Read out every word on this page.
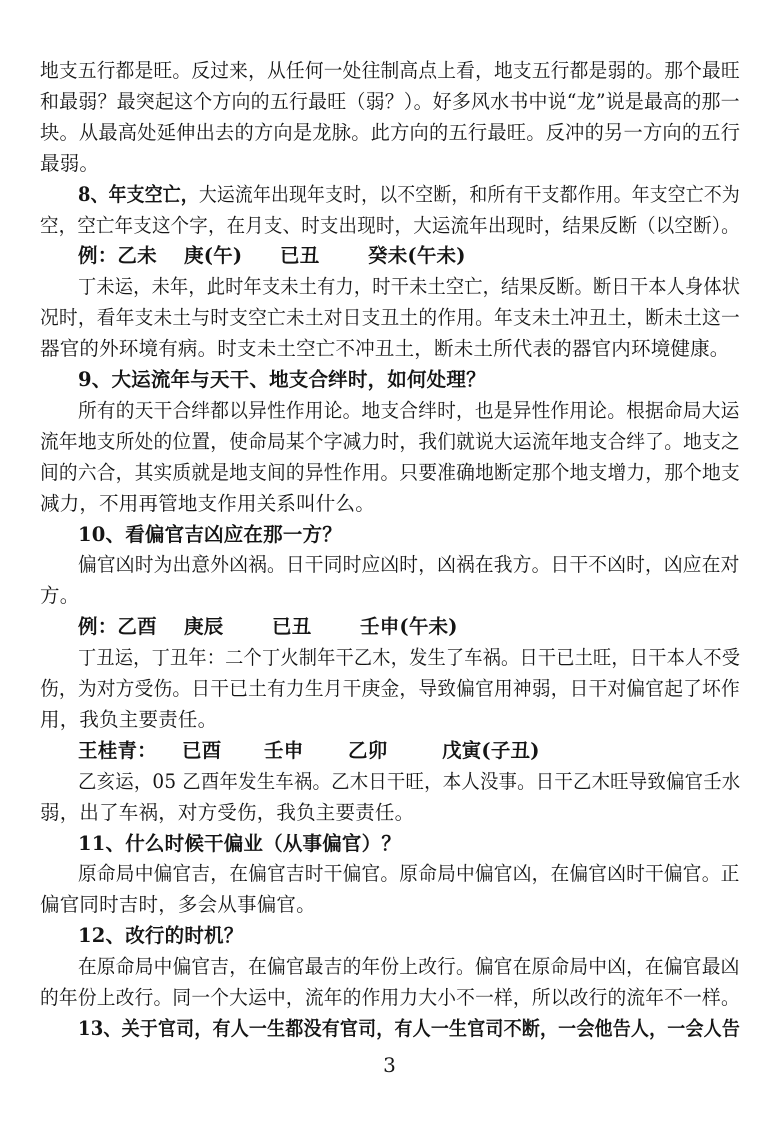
地支五行都是旺。反过来，从任何一处往制高点上看，地支五行都是弱的。那个最旺
和最弱？最突起这个方向的五行最旺（弱？）。好多风水书中说“龙”说是最高的那一
块。从最高处延伸出去的方向是龙脉。此方向的五行最旺。反冲的另一方向的五行
最弱。
8、年支空亡，大运流年出现年支时，以不空断，和所有干支都作用。年支空亡不为
空，空亡年支这个字，在月支、时支出现时，大运流年出现时，结果反断（以空断）。
例：乙未 庚(午) 已丑 癸未(午未)
丁未运，未年，此时年支未土有力，时干未土空亡，结果反断。断日干本人身体状
况时，看年支未土与时支空亡未土对日支丑土的作用。年支未土冲丑土，断未土这一
器官的外环境有病。时支未土空亡不冲丑土，断未土所代表的器官内环境健康。
9、大运流年与天干、地支合绊时，如何处理？
所有的天干合绊都以异性作用论。地支合绊时，也是异性作用论。根据命局大运
流年地支所处的位置，使命局某个字减力时，我们就说大运流年地支合绊了。地支之
间的六合，其实质就是地支间的异性作用。只要准确地断定那个地支增力，那个地支
减力，不用再管地支作用关系叫什么。
10、看偏官吉凶应在那一方？
偏官凶时为出意外凶祸。日干同时应凶时，凶祸在我方。日干不凶时，凶应在对
方。
例：乙酉 庚辰 已丑 壬申(午未)
丁丑运，丁丑年：二个丁火制年干乙木，发生了车祸。日干已土旺，日干本人不受
伤，为对方受伤。日干已土有力生月干庚金，导致偏官用神弱，日干对偏官起了坏作
用，我负主要责任。
王桂青： 已酉 壬申 乙卯	戊寅(子丑)
乙亥运，05 乙酉年发生车祸。乙木日干旺，本人没事。日干乙木旺导致偏官壬水
弱，出了车祸，对方受伤，我负主要责任。
11、什么时候干偏业（从事偏官）？
原命局中偏官吉，在偏官吉时干偏官。原命局中偏官凶，在偏官凶时干偏官。正
偏官同时吉时，多会从事偏官。
12、改行的时机？
在原命局中偏官吉，在偏官最吉的年份上改行。偏官在原命局中凶，在偏官最凶
的年份上改行。同一个大运中，流年的作用力大小不一样，所以改行的流年不一样。
13、关于官司，有人一生都没有官司，有人一生官司不断，一会他告人，一会人告
3
